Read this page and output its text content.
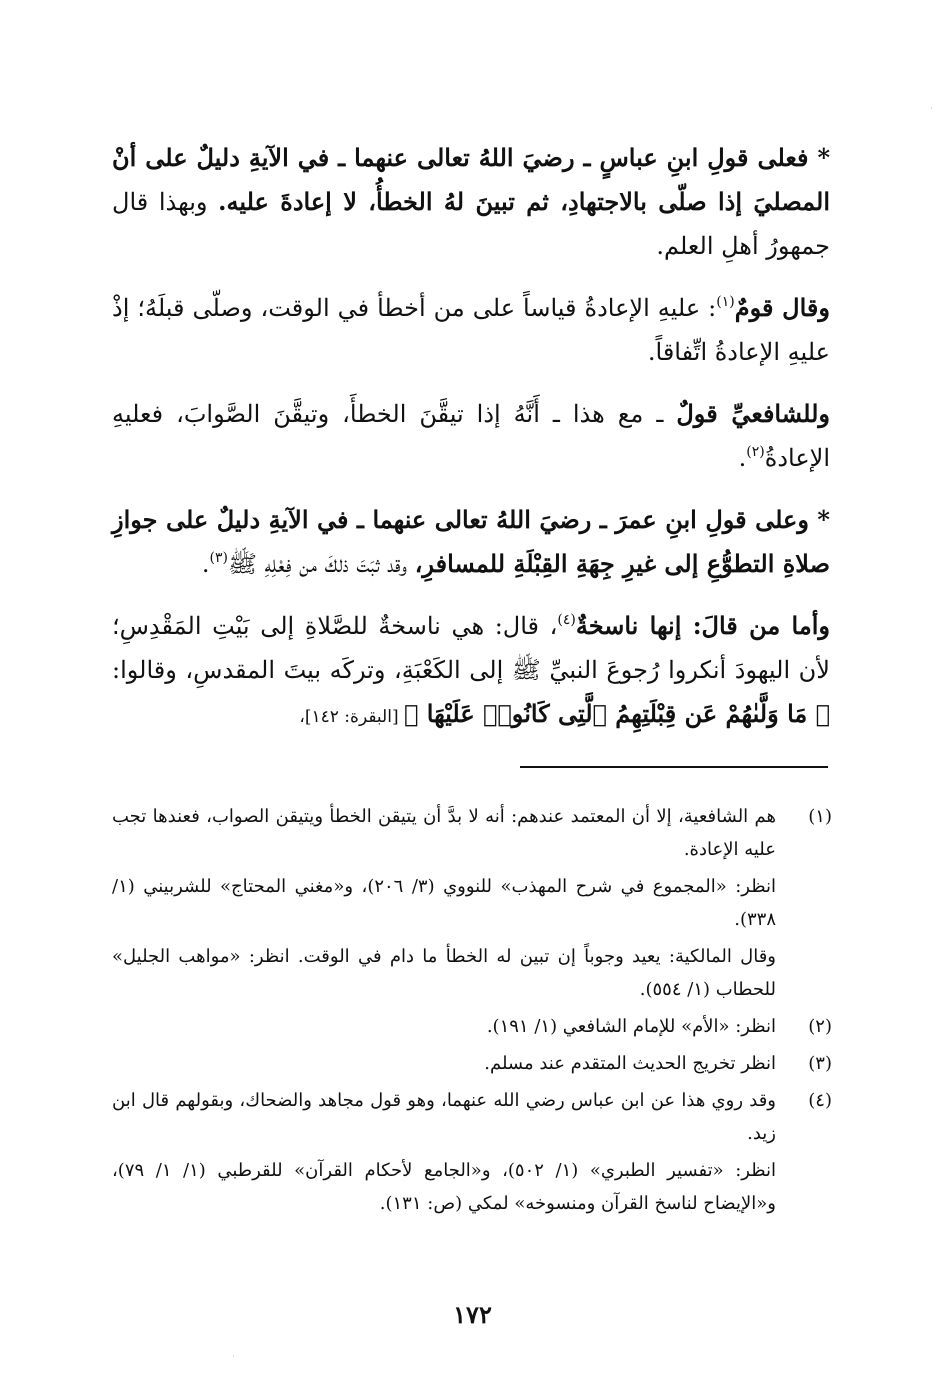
* فعلى قولِ ابنِ عباسٍ ـ رضيَ اللهُ تعالى عنهما ـ في الآيةِ دليلٌ على أنْ المصليَ إذا صلّى بالاجتهادِ، ثم تبينَ لهُ الخطأُ، لا إعادةَ عليه. وبهذا قال جمهورُ أهلِ العلم.

وقال قومٌ$^{(١)}$: عليهِ الإعادةُ قياساً على من أخطأ في الوقت، وصلّى قبلَهُ؛ إذْ عليهِ الإعادةُ اتِّفاقاً.

وللشافعيِّ قولٌ ـ مع هذا ـ أَنَّهُ إذا تيقَّنَ الخطأَ، وتيقَّنَ الصَّوابَ، فعليهِ الإعادةُ$^{(٢)}$.

* وعلى قولِ ابنِ عمرَ ـ رضيَ اللهُ تعالى عنهما ـ في الآيةِ دليلٌ على جوازِ صلاةِ التطوُّعِ إلى غيرِ جِهَةِ القِبْلَةِ للمسافرِ، وقد ثبَتَ ذلكَ من فِعْلِهِ ﷺ$^{(٣)}$.

وأما من قالَ: إنها ناسخةٌ$^{(٤)}$، قال: هي ناسخةٌ للصَّلاةِ إلى بَيْتِ المَقْدِسِ؛ لأن اليهودَ أنكروا رُجوعَ النبيِّ ﷺ إلى الكَعْبَةِ، وتركَه بيتَ المقدسِ، وقالوا: ﴿ مَا وَلَّىٰهُمْ عَن قِبْلَتِهِمُ ٱلَّتِى كَانُوا۟ عَلَيْهَا ﴾ [البقرة: ١٤٢]،

(١)

هم الشافعية، إلا أن المعتمد عندهم: أنه لا بدَّ أن يتيقن الخطأ ويتيقن الصواب، فعندها تجب عليه الإعادة.

انظر: «المجموع في شرح المهذب» للنووي (٣/ ٢٠٦)، و«مغني المحتاج» للشربيني (١/ ٣٣٨).

وقال المالكية: يعيد وجوباً إن تبين له الخطأ ما دام في الوقت. انظر: «مواهب الجليل» للحطاب (١/ ٥٥٤).

(٢)

انظر: «الأم» للإمام الشافعي (١/ ١٩١).

(٣)

انظر تخريج الحديث المتقدم عند مسلم.

(٤)

وقد روي هذا عن ابن عباس رضي الله عنهما، وهو قول مجاهد والضحاك، وبقولهم قال ابن زيد.

انظر: «تفسير الطبري» (١/ ٥٠٢)، و«الجامع لأحكام القرآن» للقرطبي (١/ ١/ ٧٩)، و«الإيضاح لناسخ القرآن ومنسوخه» لمكي (ص: ١٣١).

١٧٢
·
·
